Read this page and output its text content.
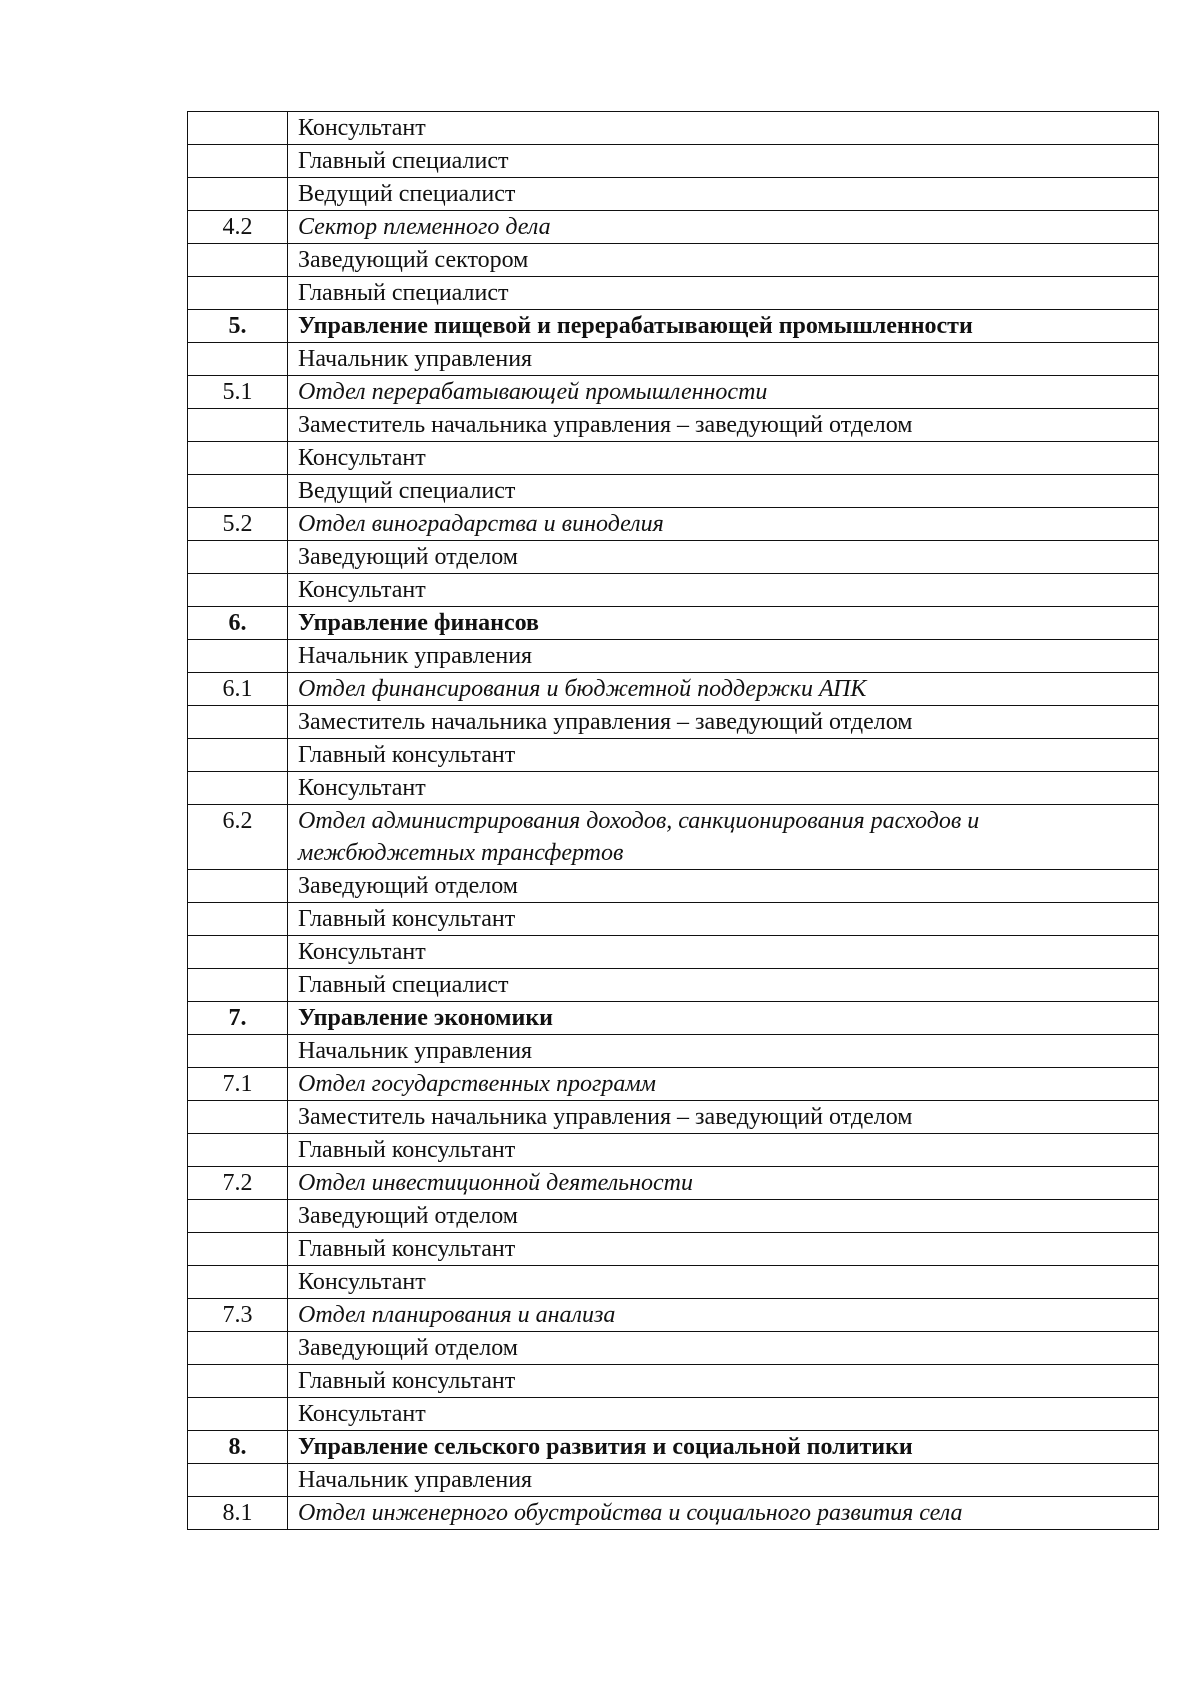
	Консультант
	Главный специалист
	Ведущий специалист
4.2	Сектор племенного дела
	Заведующий сектором
	Главный специалист
5.	Управление пищевой и перерабатывающей промышленности
	Начальник управления
5.1	Отдел перерабатывающей промышленности
	Заместитель начальника управления – заведующий отделом
	Консультант
	Ведущий специалист
5.2	Отдел виноградарства и виноделия
	Заведующий отделом
	Консультант
6.	Управление финансов
	Начальник управления
6.1	Отдел финансирования и бюджетной поддержки АПК
	Заместитель начальника управления – заведующий отделом
	Главный консультант
	Консультант
6.2	Отдел администрирования доходов, санкционирования расходов и межбюджетных трансфертов
	Заведующий отделом
	Главный консультант
	Консультант
	Главный специалист
7.	Управление экономики
	Начальник управления
7.1	Отдел государственных программ
	Заместитель начальника управления – заведующий отделом
	Главный консультант
7.2	Отдел инвестиционной деятельности
	Заведующий отделом
	Главный консультант
	Консультант
7.3	Отдел планирования и анализа
	Заведующий отделом
	Главный консультант
	Консультант
8.	Управление сельского развития и социальной политики
	Начальник управления
8.1	Отдел инженерного обустройства и социального развития села
